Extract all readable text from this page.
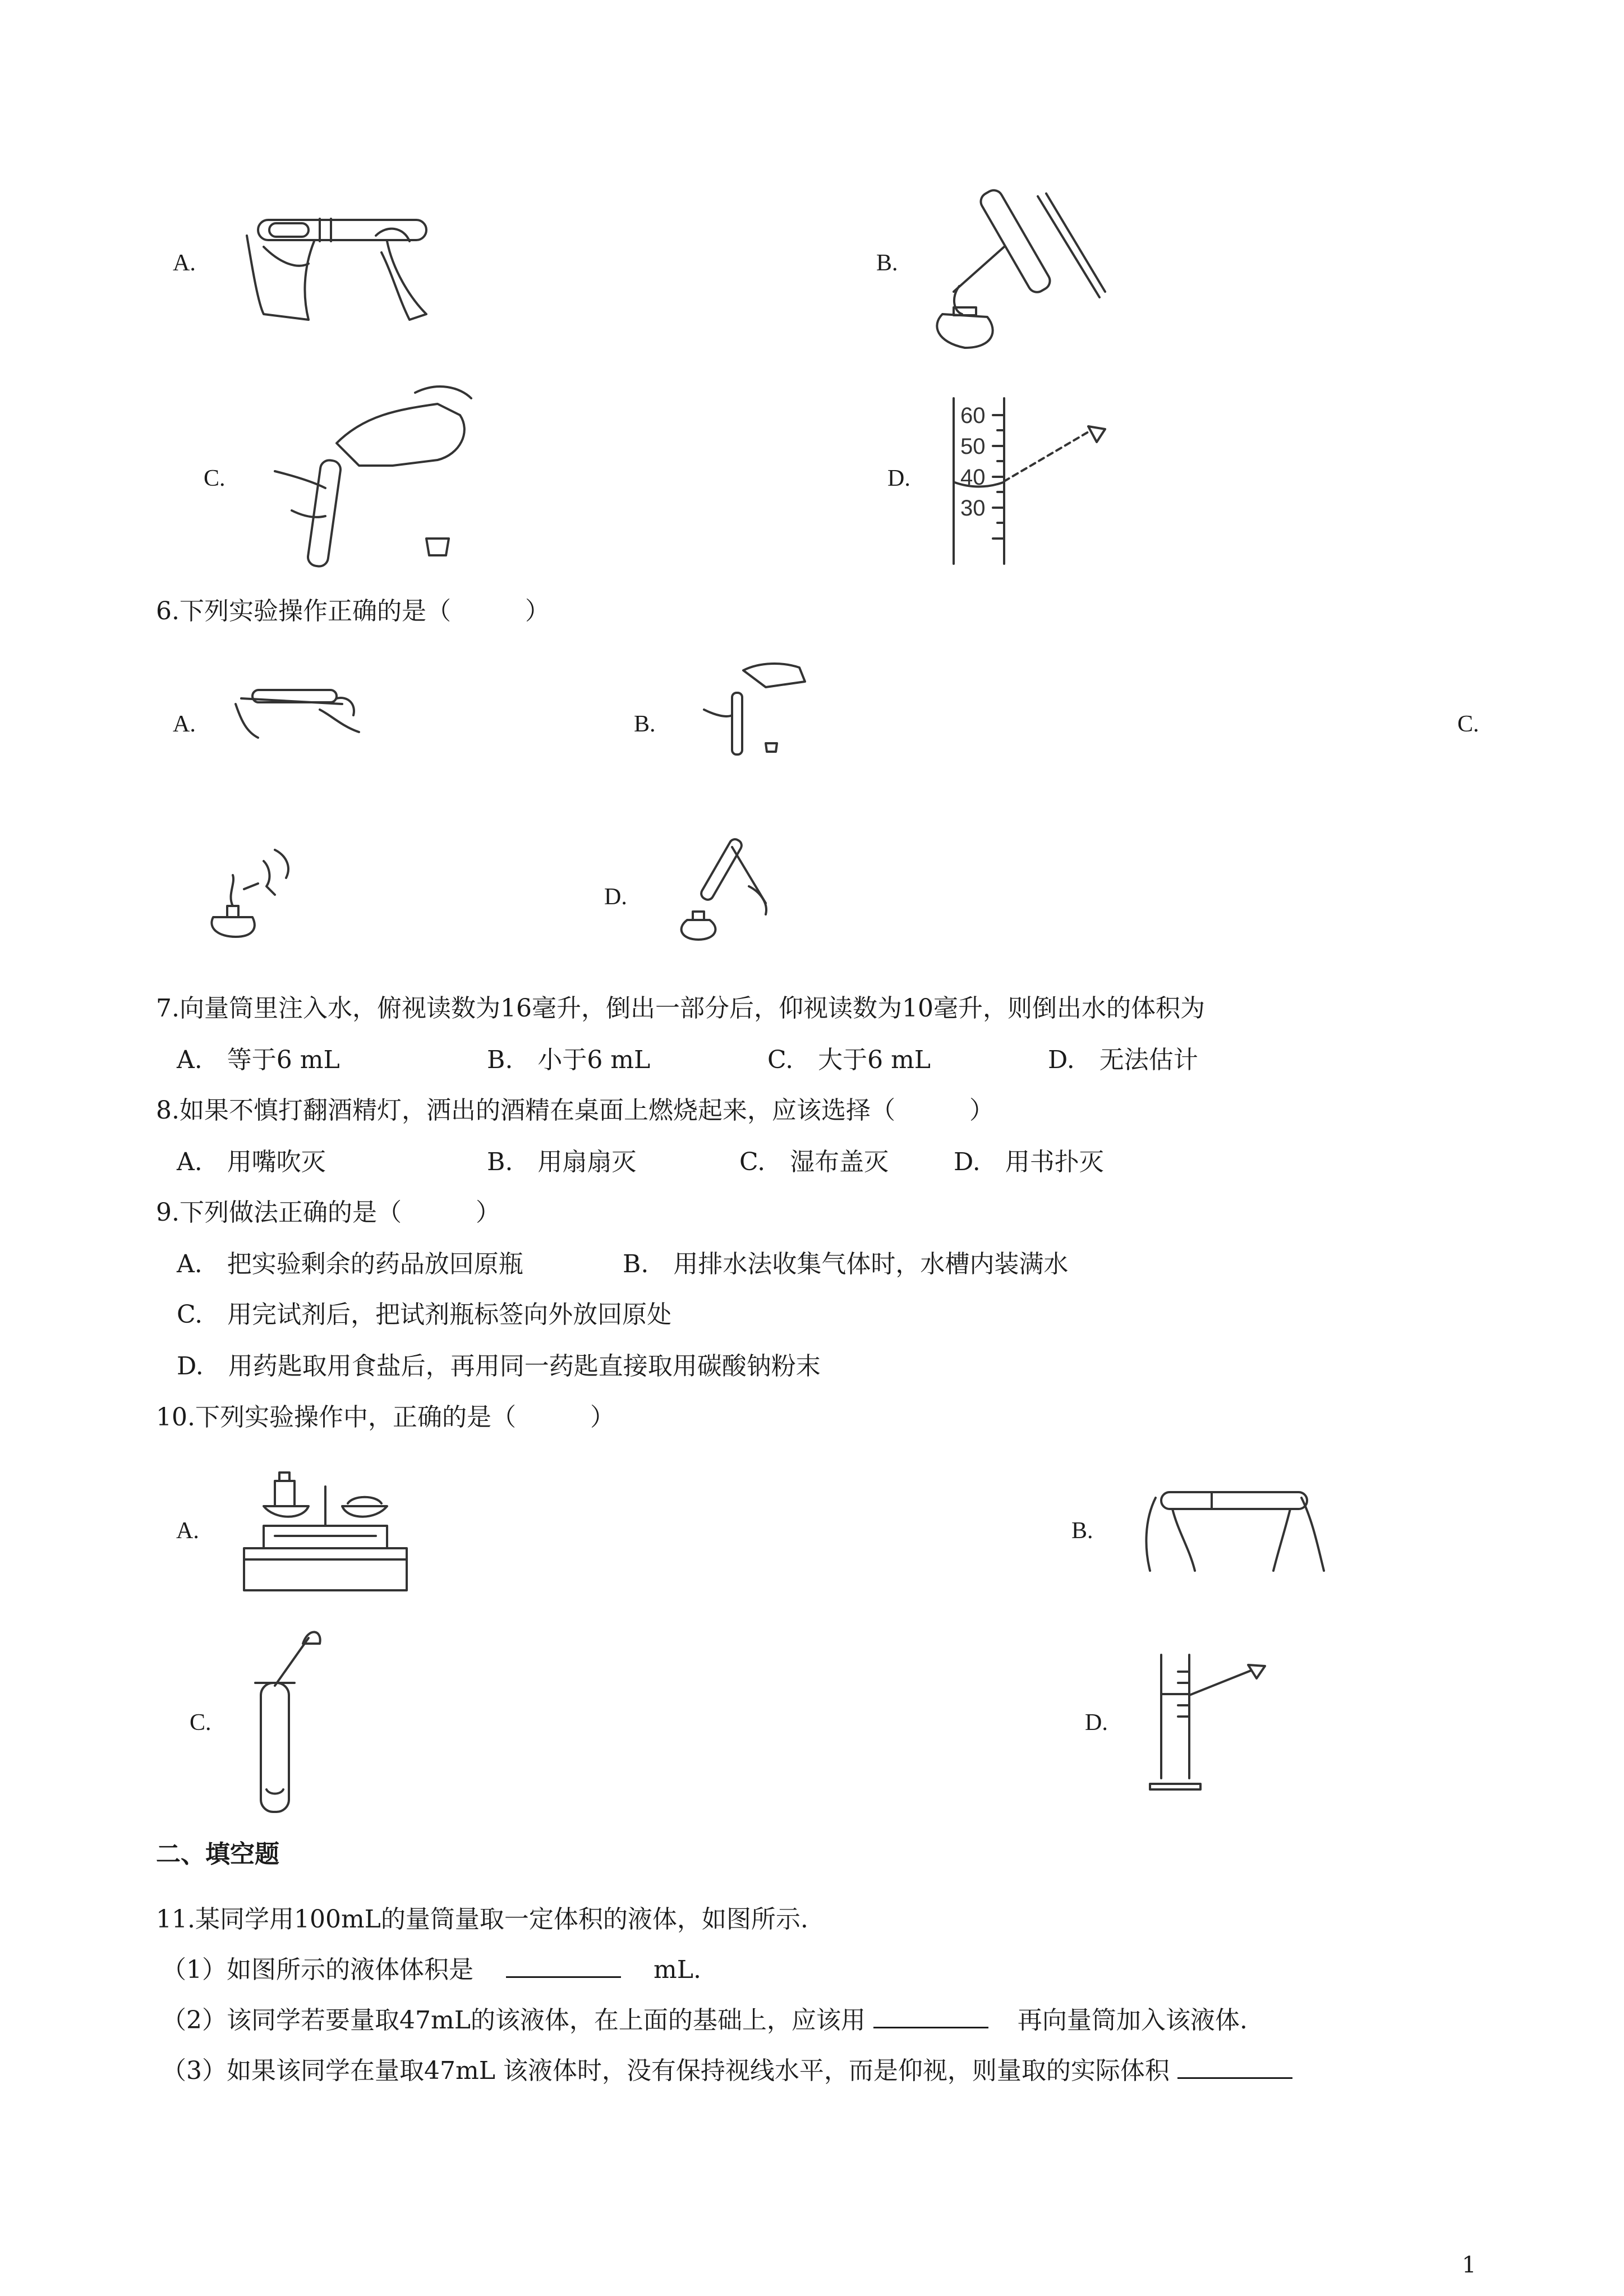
A.	B.
C.	D.
60
50
40
30
6.下列实验操作正确的是（　　　）
A.	B.	C.
D.
7.向量筒里注入水，俯视读数为16毫升，倒出一部分后，仰视读数为10毫升，则倒出水的体积为
A.　等于6 mL	B.　小于6 mL	C.　大于6 mL	D.　无法估计
8.如果不慎打翻酒精灯，洒出的酒精在桌面上燃烧起来，应该选择（　　　）
A.　用嘴吹灭	B.　用扇扇灭	C.　湿布盖灭	D.　用书扑灭
9.下列做法正确的是（　　　）
A.　把实验剩余的药品放回原瓶	B.　用排水法收集气体时，水槽内装满水
C.　用完试剂后，把试剂瓶标签向外放回原处
D.　用药匙取用食盐后，再用同一药匙直接取用碳酸钠粉末
10.下列实验操作中，正确的是（　　　）
A.	B.
C.	D.
二、填空题
11.某同学用100mL的量筒量取一定体积的液体，如图所示.
（1）如图所示的液体体积是	mL.
（2）该同学若要量取47mL的该液体，在上面的基础上，应该用	再向量筒加入该液体.
（3）如果该同学在量取47mL 该液体时，没有保持视线水平，而是仰视，则量取的实际体积
1
